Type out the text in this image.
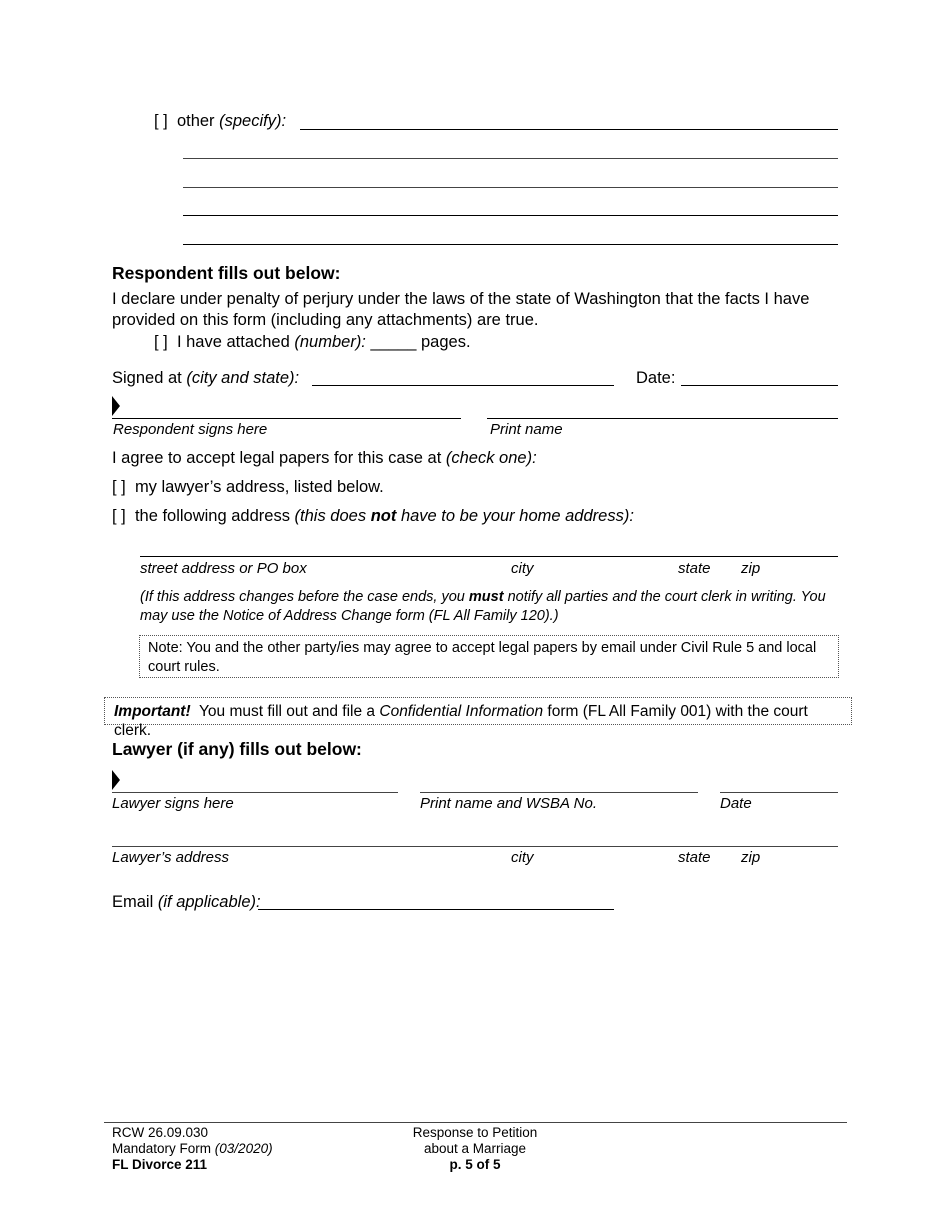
[ ] other (specify):
Respondent fills out below:
I declare under penalty of perjury under the laws of the state of Washington that the facts I have provided on this form (including any attachments) are true.
[ ] I have attached (number): _____ pages.
Signed at (city and state):	Date:
Respondent signs here	Print name
I agree to accept legal papers for this case at (check one):
[ ] my lawyer’s address, listed below.
[ ] the following address (this does not have to be your home address):
street address or PO box	city	state zip
(If this address changes before the case ends, you must notify all parties and the court clerk in writing. You may use the Notice of Address Change form (FL All Family 120).)
Note: You and the other party/ies may agree to accept legal papers by email under Civil Rule 5 and local court rules.
Important! You must fill out and file a Confidential Information form (FL All Family 001) with the court clerk.
Lawyer (if any) fills out below:
Lawyer signs here	Print name and WSBA No.	Date
Lawyer’s address	city	state zip
Email (if applicable):
RCW 26.09.030
Mandatory Form (03/2020)
FL Divorce 211
Response to Petition
about a Marriage
p. 5 of 5
